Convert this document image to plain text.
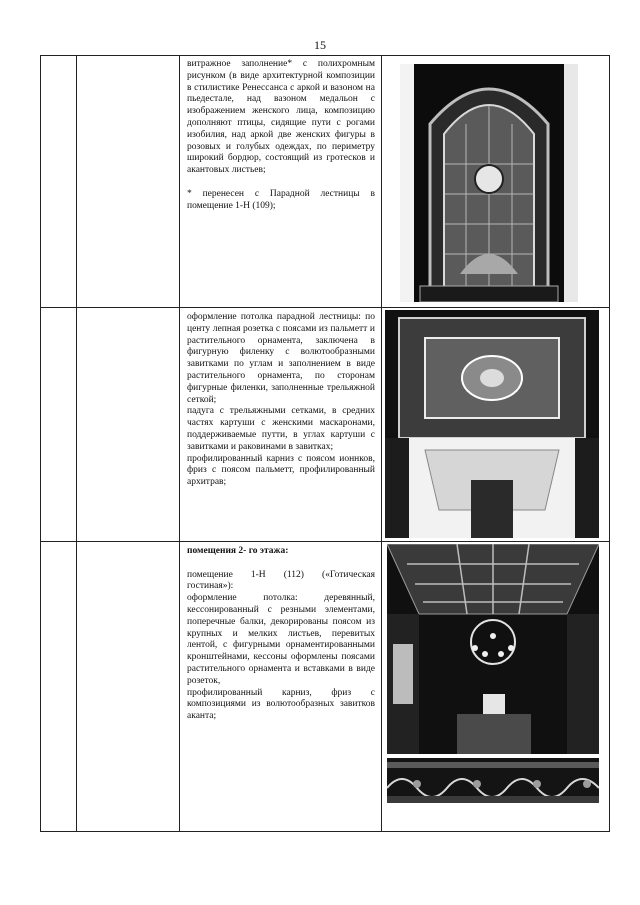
15

витражное заполнение* с полихромным рисунком (в виде архитектурной композиции в стилистике Ренессанса с аркой и вазоном на пьедестале, над вазоном медальон с изображением женского лица, композицию дополняют птицы, сидящие пути с рогами изобилия, над аркой две женских фигуры в розовых и голубых одеждах, по периметру широкий бордюр, состоящий из гротесков и акантовых листьев;

* перенесен с Парадной лестницы в помещение 1-Н (109);

оформление потолка парадной лестницы: по центу лепная розетка с поясами из пальметт и растительного орнамента, заключена в фигурную филенку с волютообразными завитками по углам и заполнением в виде растительного орнамента, по сторонам фигурные филенки, заполненные трельяжной сеткой;

падуга с трельяжными сетками, в средних частях картуши с женскими маскаронами, поддерживаемые путти, в углах картуши с завитками и раковинами в завитках;

профилированный карниз с поясом ионнков, фриз с поясом пальметт, профилированный архитрав;

помещения 2- го этажа:

помещение 1-Н (112) («Готическая гостиная»):

оформление потолка: деревянный, кессонированный с резными элементами, поперечные балки, декорированы поясом из крупных и мелких листьев, перевитых лентой, с фигурными орнаментированными кронштейнами, кессоны оформлены поясами растительного орнамента и вставками в виде розеток,

профилированный карниз, фриз с композициями из волютообразных завитков аканта;
